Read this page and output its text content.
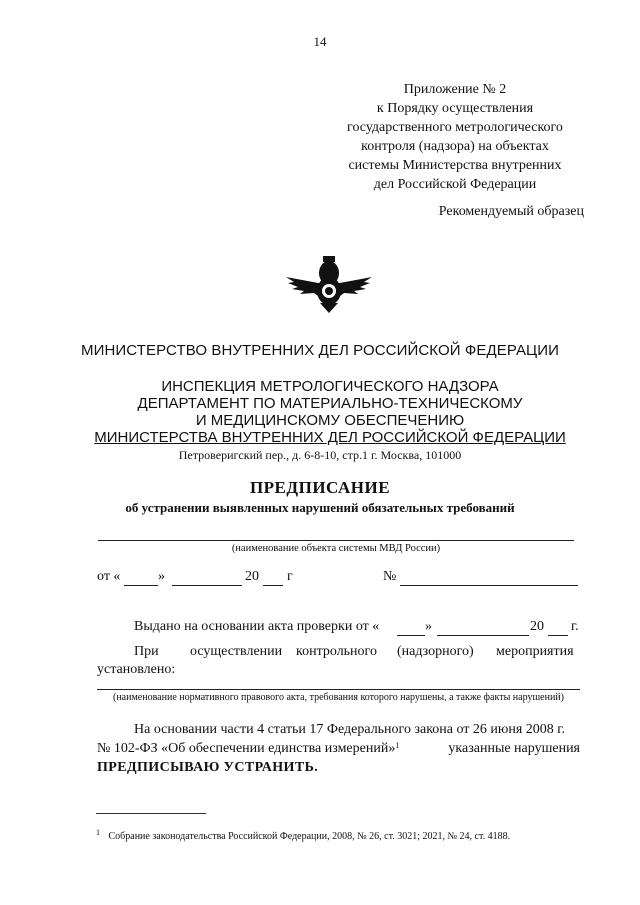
14
Приложение № 2
к Порядку осуществления
государственного метрологического
контроля (надзора) на объектах
системы Министерства внутренних
дел Российской Федерации
Рекомендуемый образец
МИНИСТЕРСТВО ВНУТРЕННИХ ДЕЛ РОССИЙСКОЙ ФЕДЕРАЦИИ
ИНСПЕКЦИЯ МЕТРОЛОГИЧЕСКОГО НАДЗОРА
ДЕПАРТАМЕНТ ПО МАТЕРИАЛЬНО-ТЕХНИЧЕСКОМУ
И МЕДИЦИНСКОМУ ОБЕСПЕЧЕНИЮ
МИНИСТЕРСТВА ВНУТРЕННИХ ДЕЛ РОССИЙСКОЙ ФЕДЕРАЦИИ
Петроверигский пер., д. 6-8-10, стр.1 г. Москва, 101000
ПРЕДПИСАНИЕ
об устранении выявленных нарушений обязательных требований
(наименование объекта системы МВД России)
от «	»	20 г	№
Выдано на основании акта проверки от «	»	20 г.
При осуществлении контрольного (надзорного) мероприятия
установлено:
(наименование нормативного правового акта, требования которого нарушены, а также факты нарушений)
На основании части 4 статьи 17 Федерального закона от 26 июня 2008 г.
№ 102-ФЗ «Об обеспечении единства измерений» 1	указанные нарушения
ПРЕДПИСЫВАЮ УСТРАНИТЬ.
$^1$ Собрание законодательства Российской Федерации, 2008, № 26, ст. 3021; 2021, № 24, ст. 4188.
